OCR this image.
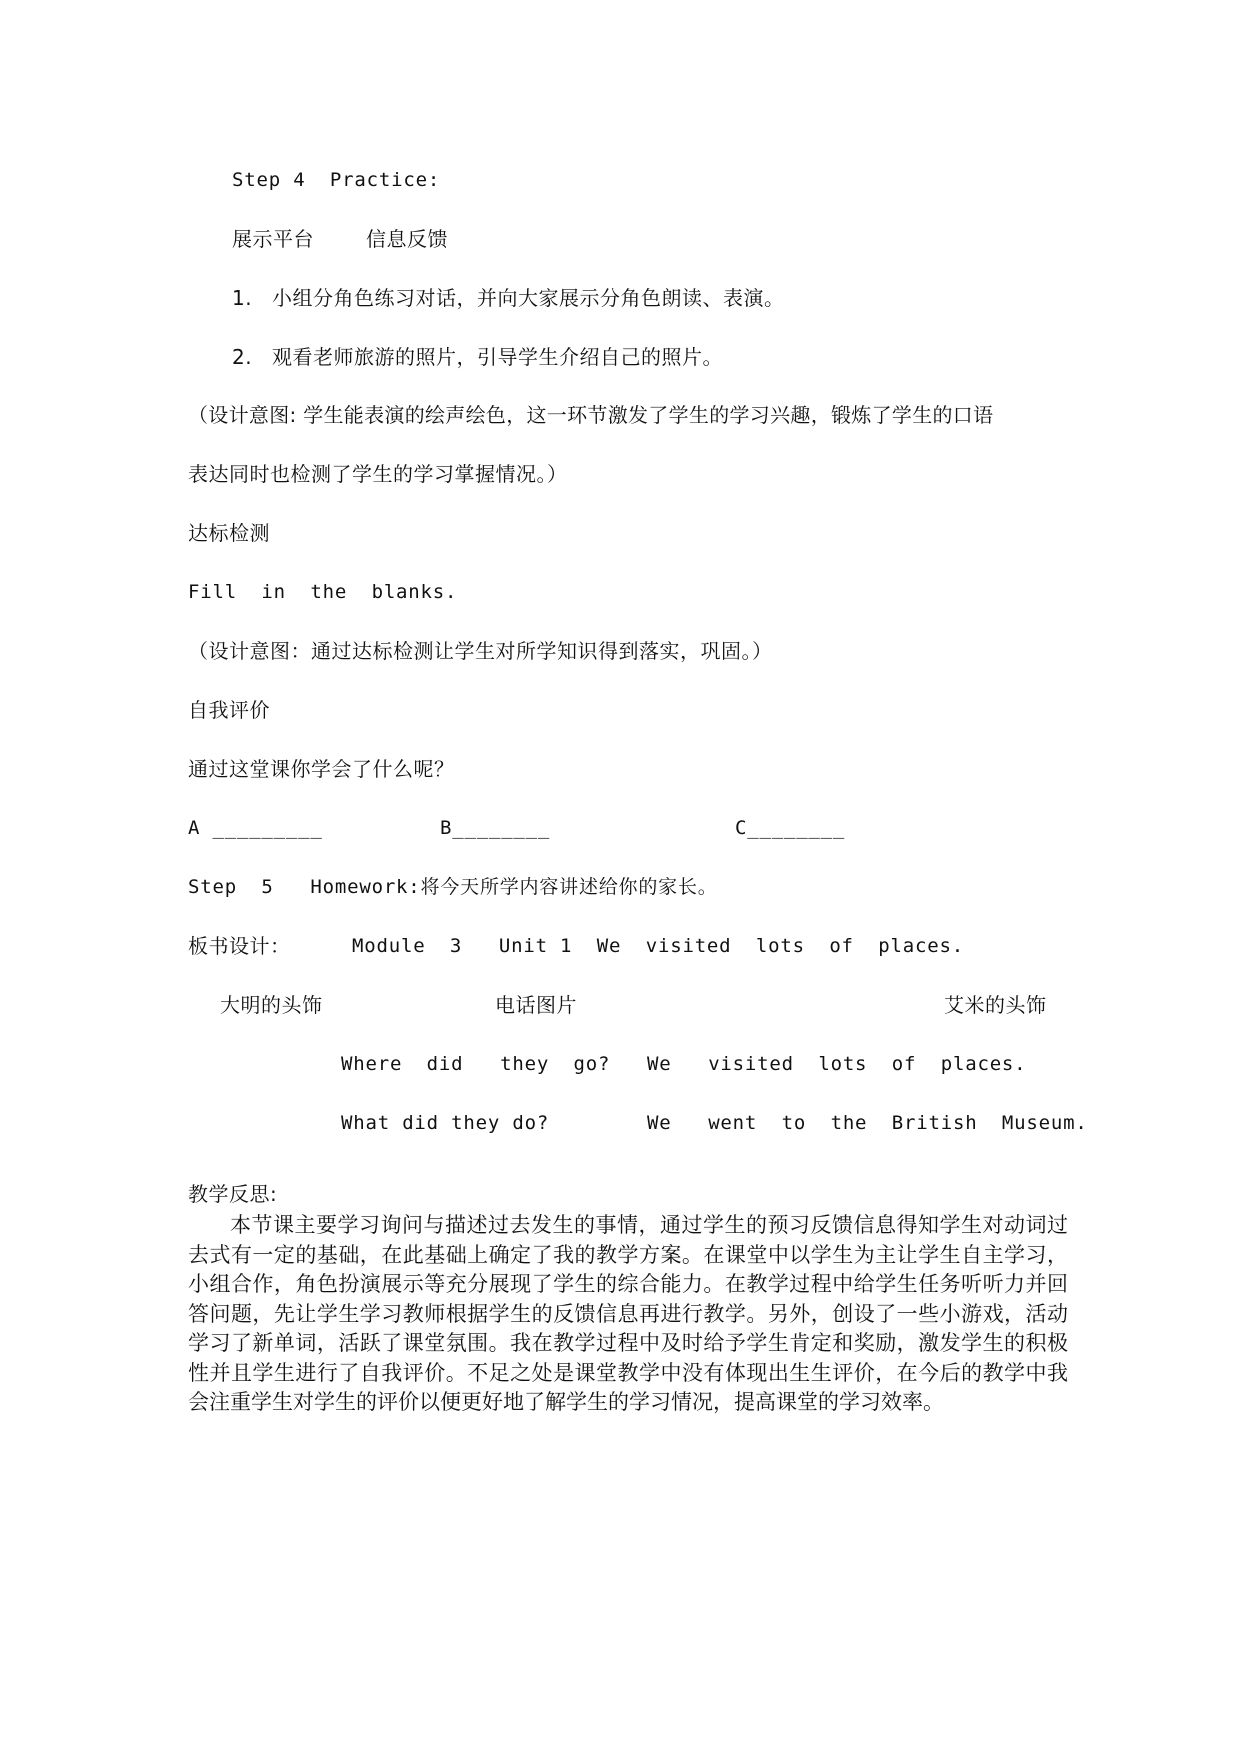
Step 4  Practice:
展示平台	信息反馈
1. 小组分角色练习对话，并向大家展示分角色朗读、表演。
2. 观看老师旅游的照片，引导学生介绍自己的照片。
（设计意图: 学生能表演的绘声绘色，这一环节激发了学生的学习兴趣，锻炼了学生的口语
表达同时也检测了学生的学习掌握情况。）
达标检测
Fill  in  the  blanks.
（设计意图：通过达标检测让学生对所学知识得到落实，巩固。）
自我评价
通过这堂课你学会了什么呢？
A _________	B________	C________
Step  5   Homework:将今天所学内容讲述给你的家长。
板书设计：	Module  3   Unit 1  We  visited  lots  of  places.
大明的头饰	电话图片	艾米的头饰
Where  did   they  go? We   visited  lots  of  places.
What did they do?	We   went  to  the  British  Museum.
教学反思:
本节课主要学习询问与描述过去发生的事情，通过学生的预习反馈信息得知学生对动词过去式有一定的基础，在此基础上确定了我的教学方案。在课堂中以学生为主让学生自主学习，小组合作，角色扮演展示等充分展现了学生的综合能力。在教学过程中给学生任务听听力并回答问题，先让学生学习教师根据学生的反馈信息再进行教学。另外，创设了一些小游戏，活动学习了新单词，活跃了课堂氛围。我在教学过程中及时给予学生肯定和奖励，激发学生的积极性并且学生进行了自我评价。不足之处是课堂教学中没有体现出生生评价，在今后的教学中我会注重学生对学生的评价以便更好地了解学生的学习情况，提高课堂的学习效率。
